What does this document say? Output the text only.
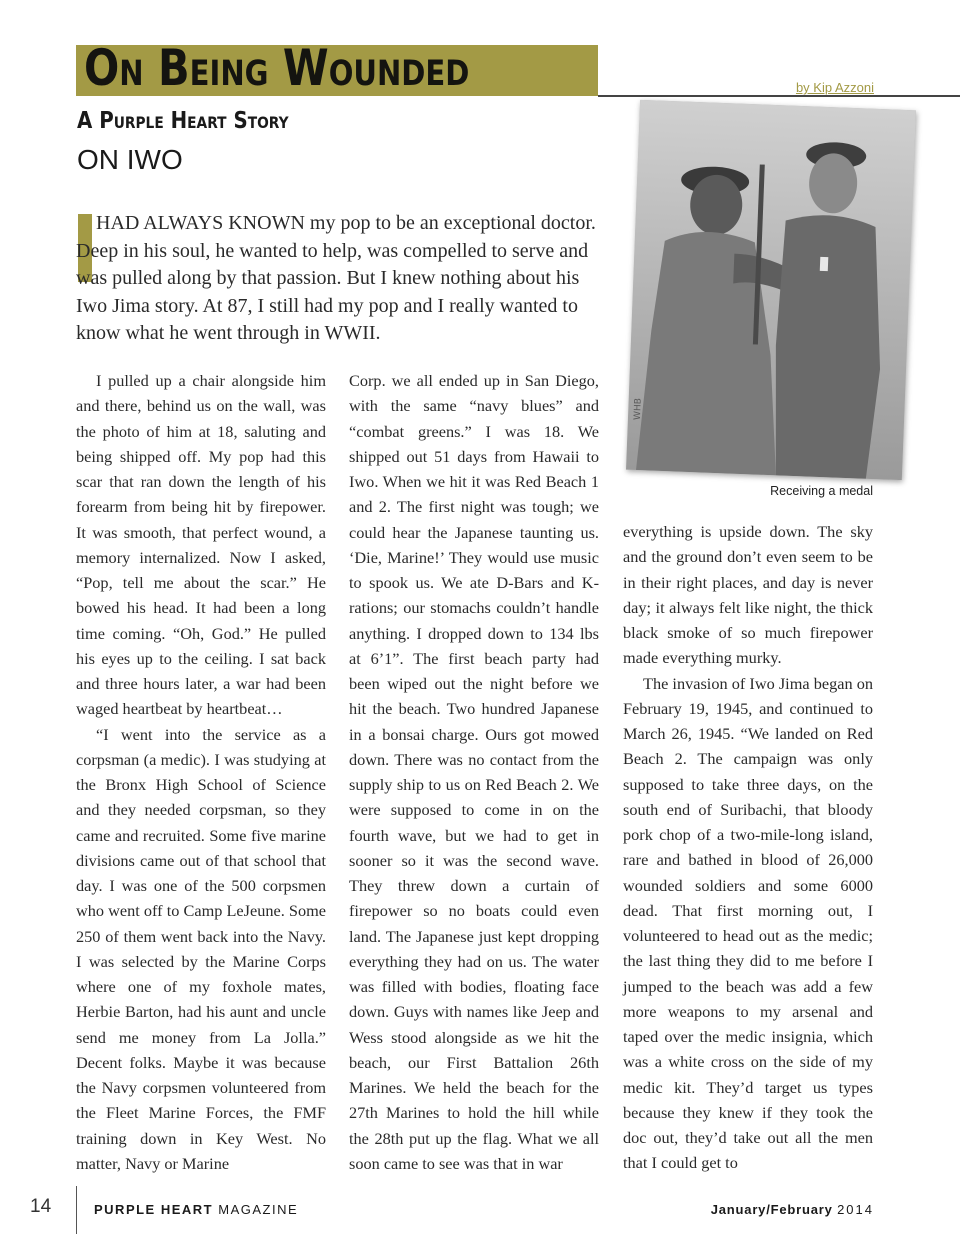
On Being Wounded	by Kip Azzoni
A Purple Heart Story
ON IWO
HAD ALWAYS KNOWN my pop to be an exceptional doctor. Deep in his soul, he wanted to help, was compelled to serve and was pulled along by that passion. But I knew nothing about his Iwo Jima story. At 87, I still had my pop and I really wanted to know what he went through in WWII.

I pulled up a chair alongside him and there, behind us on the wall, was the photo of him at 18, saluting and being shipped off. My pop had this scar that ran down the length of his forearm from being hit by firepower. It was smooth, that perfect wound, a memory internalized. Now I asked, “Pop, tell me about the scar.” He bowed his head. It had been a long time coming. “Oh, God.” He pulled his eyes up to the ceiling. I sat back and three hours later, a war had been waged heartbeat by heartbeat…

“I went into the service as a corpsman (a medic). I was studying at the Bronx High School of Science and they needed corpsman, so they came and recruited. Some five marine divisions came out of that school that day. I was one of the 500 corpsmen who went off to Camp LeJeune. Some 250 of them went back into the Navy. I was selected by the Marine Corps where one of my foxhole mates, Herbie Barton, had his aunt and uncle send me money from La Jolla.” Decent folks. Maybe it was because the Navy corpsmen volunteered from the Fleet Marine Forces, the FMF training down in Key West. No matter, Navy or Marine

Corp. we all ended up in San Diego, with the same “navy blues” and “combat greens.” I was 18. We shipped out 51 days from Hawaii to Iwo. When we hit it was Red Beach 1 and 2. The first night was tough; we could hear the Japanese taunting us. ‘Die, Marine!’ They would use music to spook us. We ate D-Bars and K-rations; our stomachs couldn’t handle anything. I dropped down to 134 lbs at 6’1”. The first beach party had been wiped out the night before we hit the beach. Two hundred Japanese in a bonsai charge. Ours got mowed down. There was no contact from the supply ship to us on Red Beach 2. We were supposed to come in on the fourth wave, but we had to get in sooner so it was the second wave. They threw down a curtain of firepower so no boats could even land. The Japanese just kept dropping everything they had on us. The water was filled with bodies, floating face down. Guys with names like Jeep and Wess stood alongside as we hit the beach, our First Battalion 26th Marines. We held the beach for the 27th Marines to hold the hill while the 28th put up the flag. What we all soon came to see was that in war

WHB
Receiving a medal

everything is upside down. The sky and the ground don’t even seem to be in their right places, and day is never day; it always felt like night, the thick black smoke of so much firepower made everything murky.

The invasion of Iwo Jima began on February 19, 1945, and continued to March 26, 1945. “We landed on Red Beach 2. The campaign was only supposed to take three days, on the south end of Suribachi, that bloody pork chop of a two-mile-long island, rare and bathed in blood of 26,000 wounded soldiers and some 6000 dead. That first morning out, I volunteered to head out as the medic; the last thing they did to me before I jumped to the beach was add a few more weapons to my arsenal and taped over the medic insignia, which was a white cross on the side of my medic kit. They’d target us types because they knew if they took the doc out, they’d take out all the men that I could get to

14	PURPLE HEART MAGAZINE	January/February 2014
